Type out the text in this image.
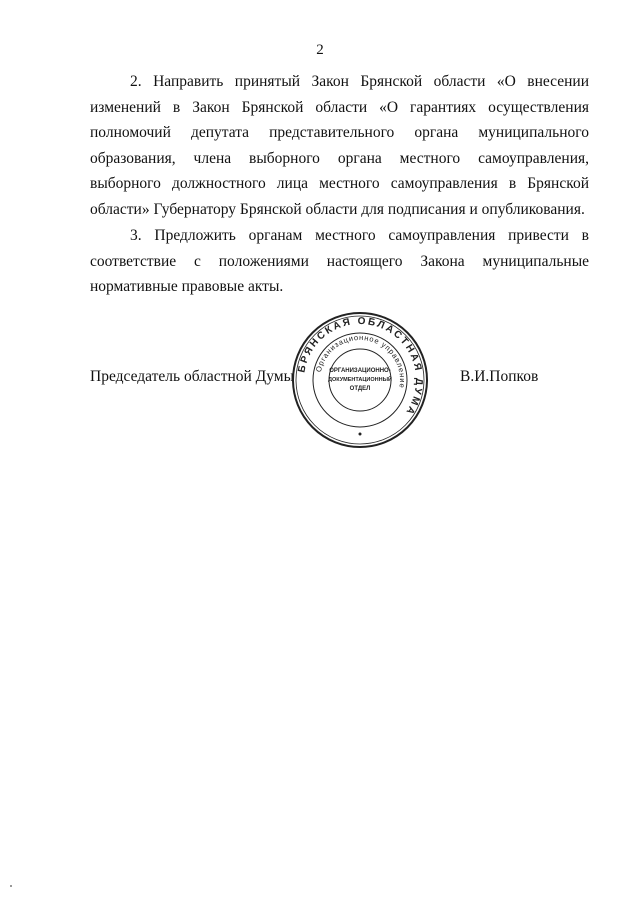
2

2. Направить принятый Закон Брянской области «О внесении изменений в Закон Брянской области «О гарантиях осуществления полномочий депутата представительного органа муниципального образования, члена выборного органа местного самоуправления, выборного должностного лица местного самоуправления в Брянской области» Губернатору Брянской области для подписания и опубликования.

3. Предложить органам местного самоуправления привести в соответствие с положениями настоящего Закона муниципальные нормативные правовые акты.

Председатель областной Думы
БРЯНСКАЯ ОБЛАСТНАЯ ДУМА
Организационное управление
ОРГАНИЗАЦИОННО-
ДОКУМЕНТАЦИОННЫЙ
ОТДЕЛ
В.И.Попков
